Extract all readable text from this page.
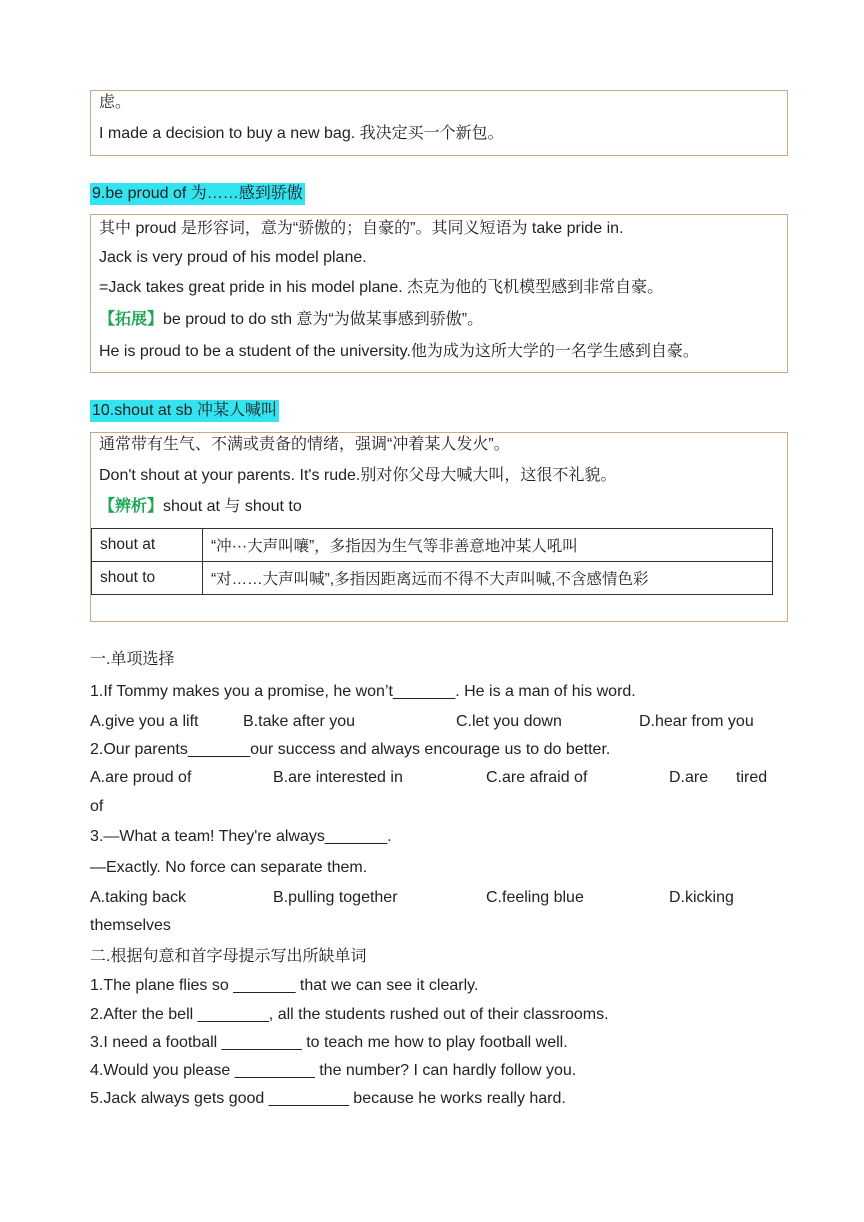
虑。
I made a decision to buy a new bag. 我决定买一个新包。
9.be proud of 为……感到骄傲
其中 proud 是形容词，意为“骄傲的；自豪的”。其同义短语为 take pride in.
Jack is very proud of his model plane.
=Jack takes great pride in his model plane. 杰克为他的飞机模型感到非常自豪。
【拓展】be proud to do sth 意为“为做某事感到骄傲”。
He is proud to be a student of the university.他为成为这所大学的一名学生感到自豪。
10.shout at sb 冲某人喊叫
通常带有生气、不满或责备的情绪，强调“冲着某人发火”。
Don't shout at your parents. It's rude.别对你父母大喊大叫，这很不礼貌。
【辨析】shout at 与 shout to
shout at	“冲···大声叫嚷”，多指因为生气等非善意地冲某人吼叫
shout to	“对……大声叫喊”,多指因距离远而不得不大声叫喊,不含感情色彩
一.单项选择
1.If Tommy makes you a promise, he won’t_______. He is a man of his word.
A.give you a lift	B.take after you	C.let you down	D.hear from you
2.Our parents_______our success and always encourage us to do better.
A.are proud of	B.are interested in	C.are afraid of	D.are tired
of
3.—What a team! They're always_______.
—Exactly. No force can separate them.
A.taking back	B.pulling together	C.feeling blue	D.kicking
themselves
二.根据句意和首字母提示写出所缺单词
1.The plane flies so _______ that we can see it clearly.
2.After the bell ________, all the students rushed out of their classrooms.
3.I need a football _________ to teach me how to play football well.
4.Would you please _________ the number? I can hardly follow you.
5.Jack always gets good _________ because he works really hard.
